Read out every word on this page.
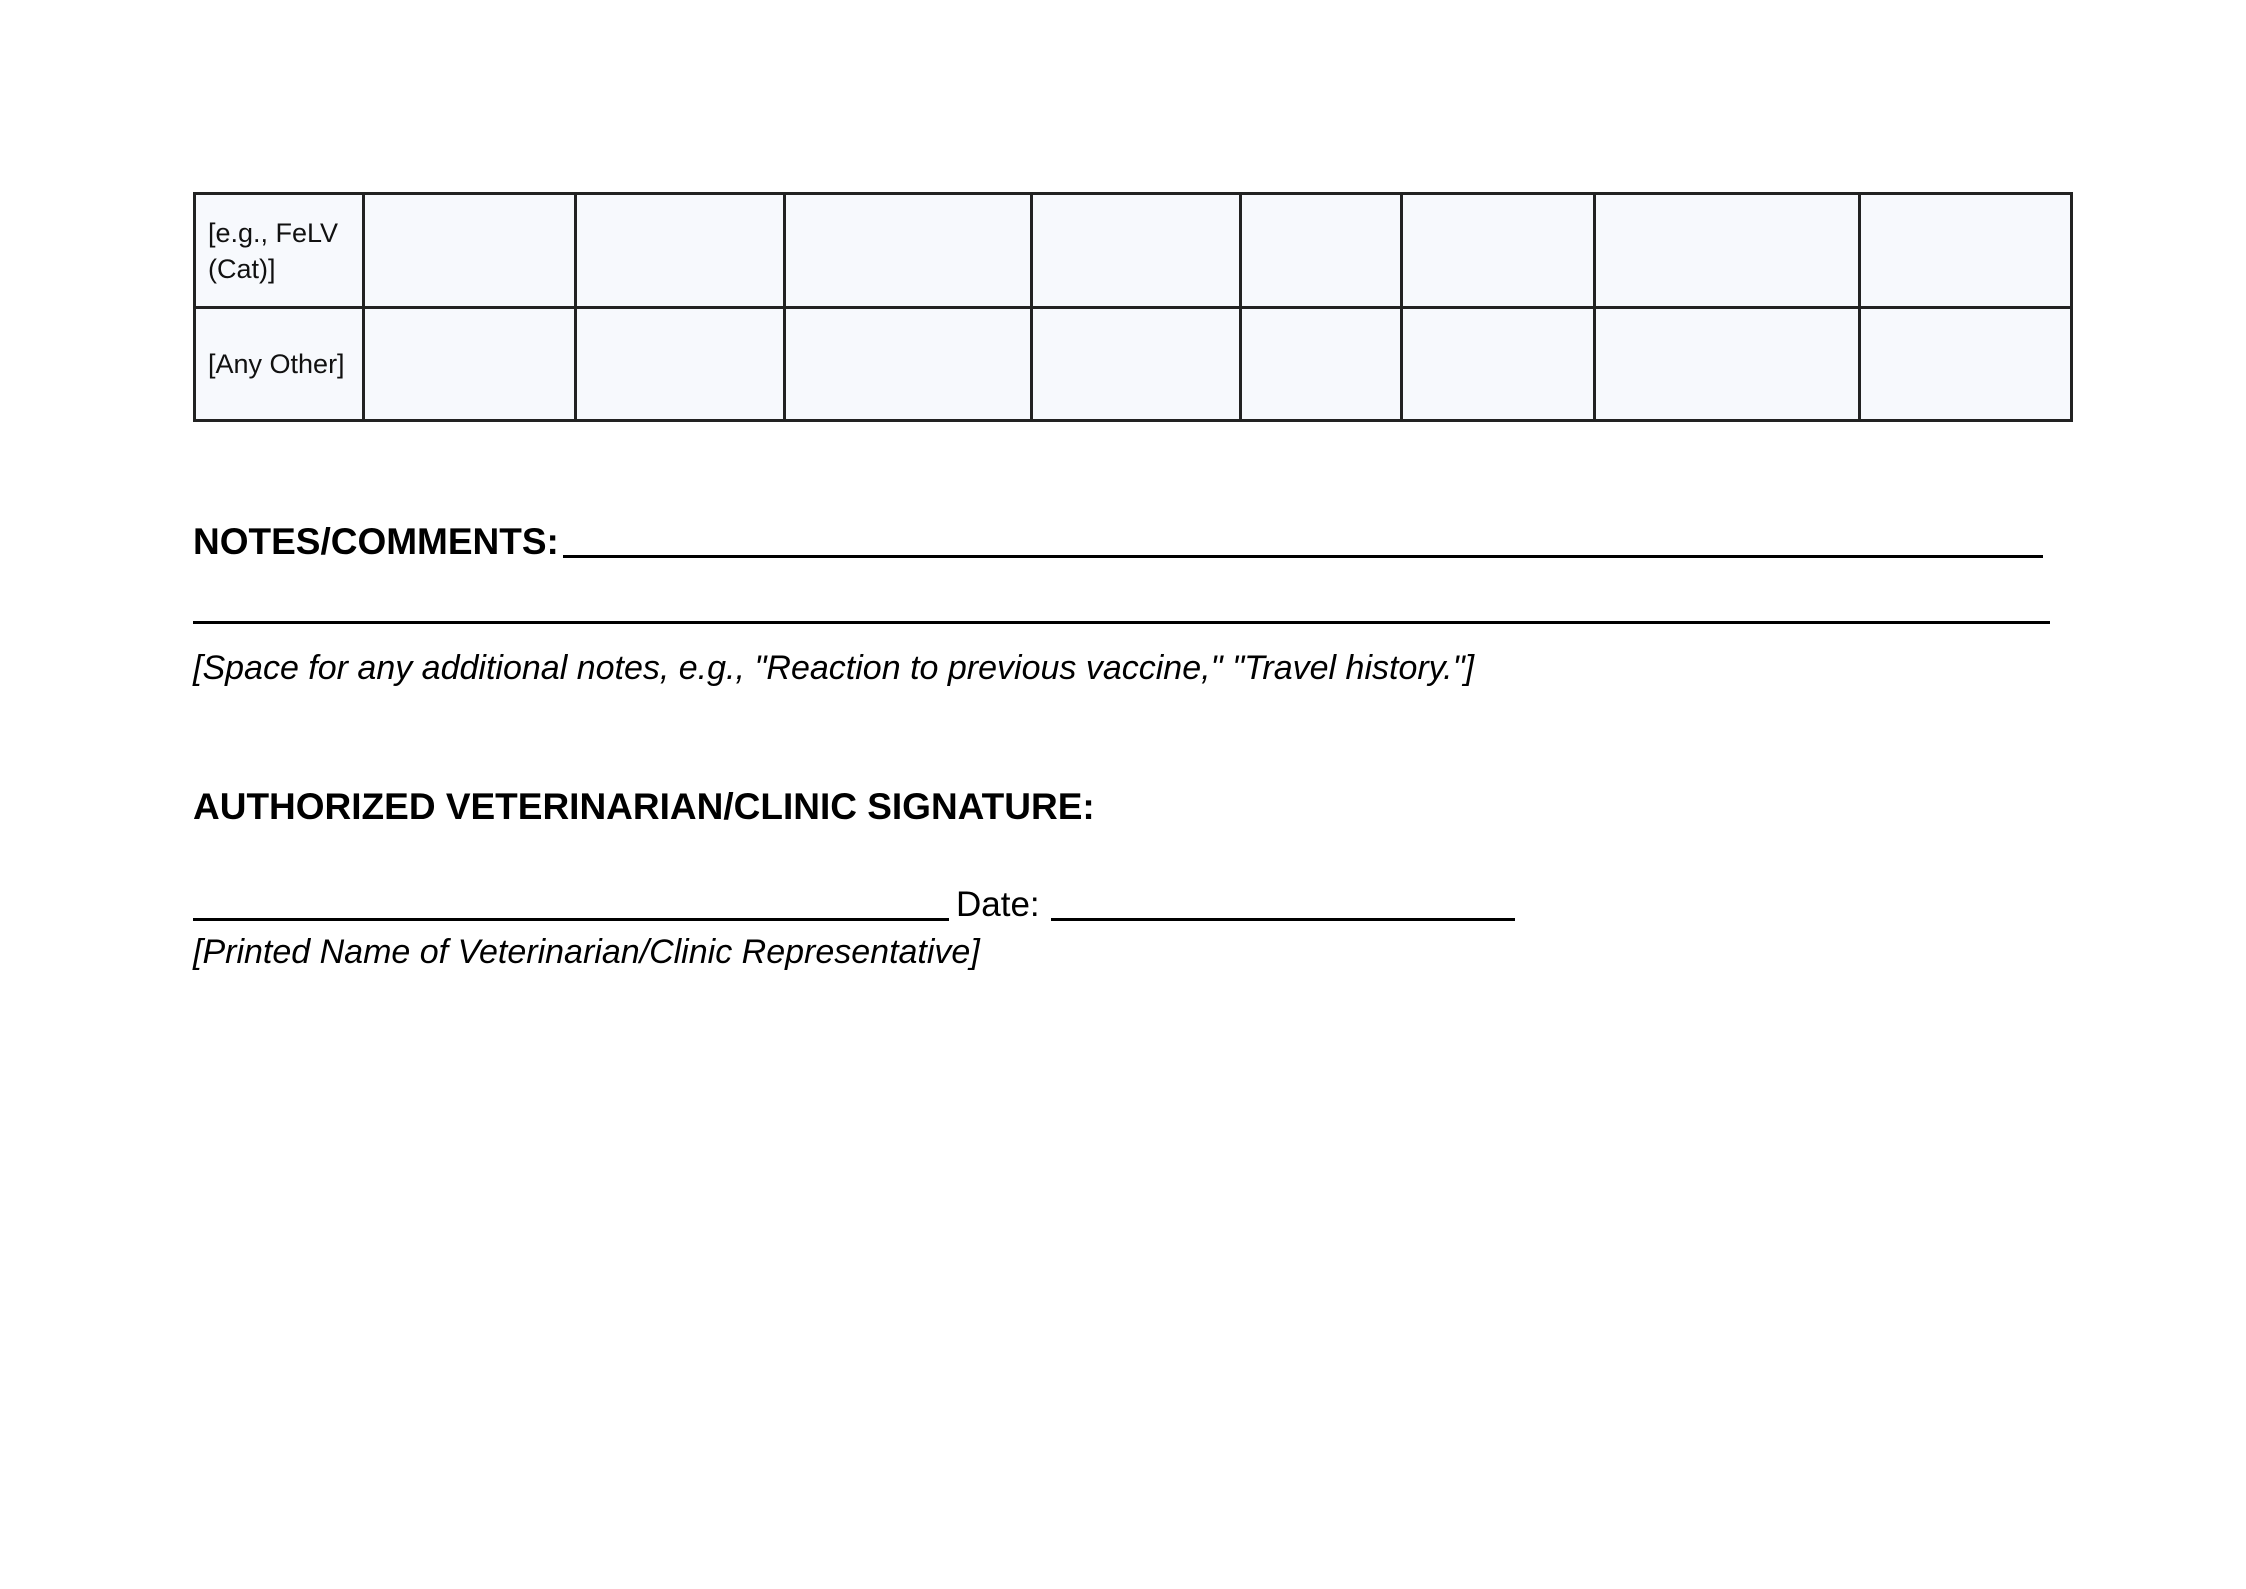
[e.g., FeLV (Cat)]								
[Any Other]								
NOTES/COMMENTS:
[Space for any additional notes, e.g., "Reaction to previous vaccine," "Travel history."]
AUTHORIZED VETERINARIAN/CLINIC SIGNATURE:
Date:
[Printed Name of Veterinarian/Clinic Representative]
